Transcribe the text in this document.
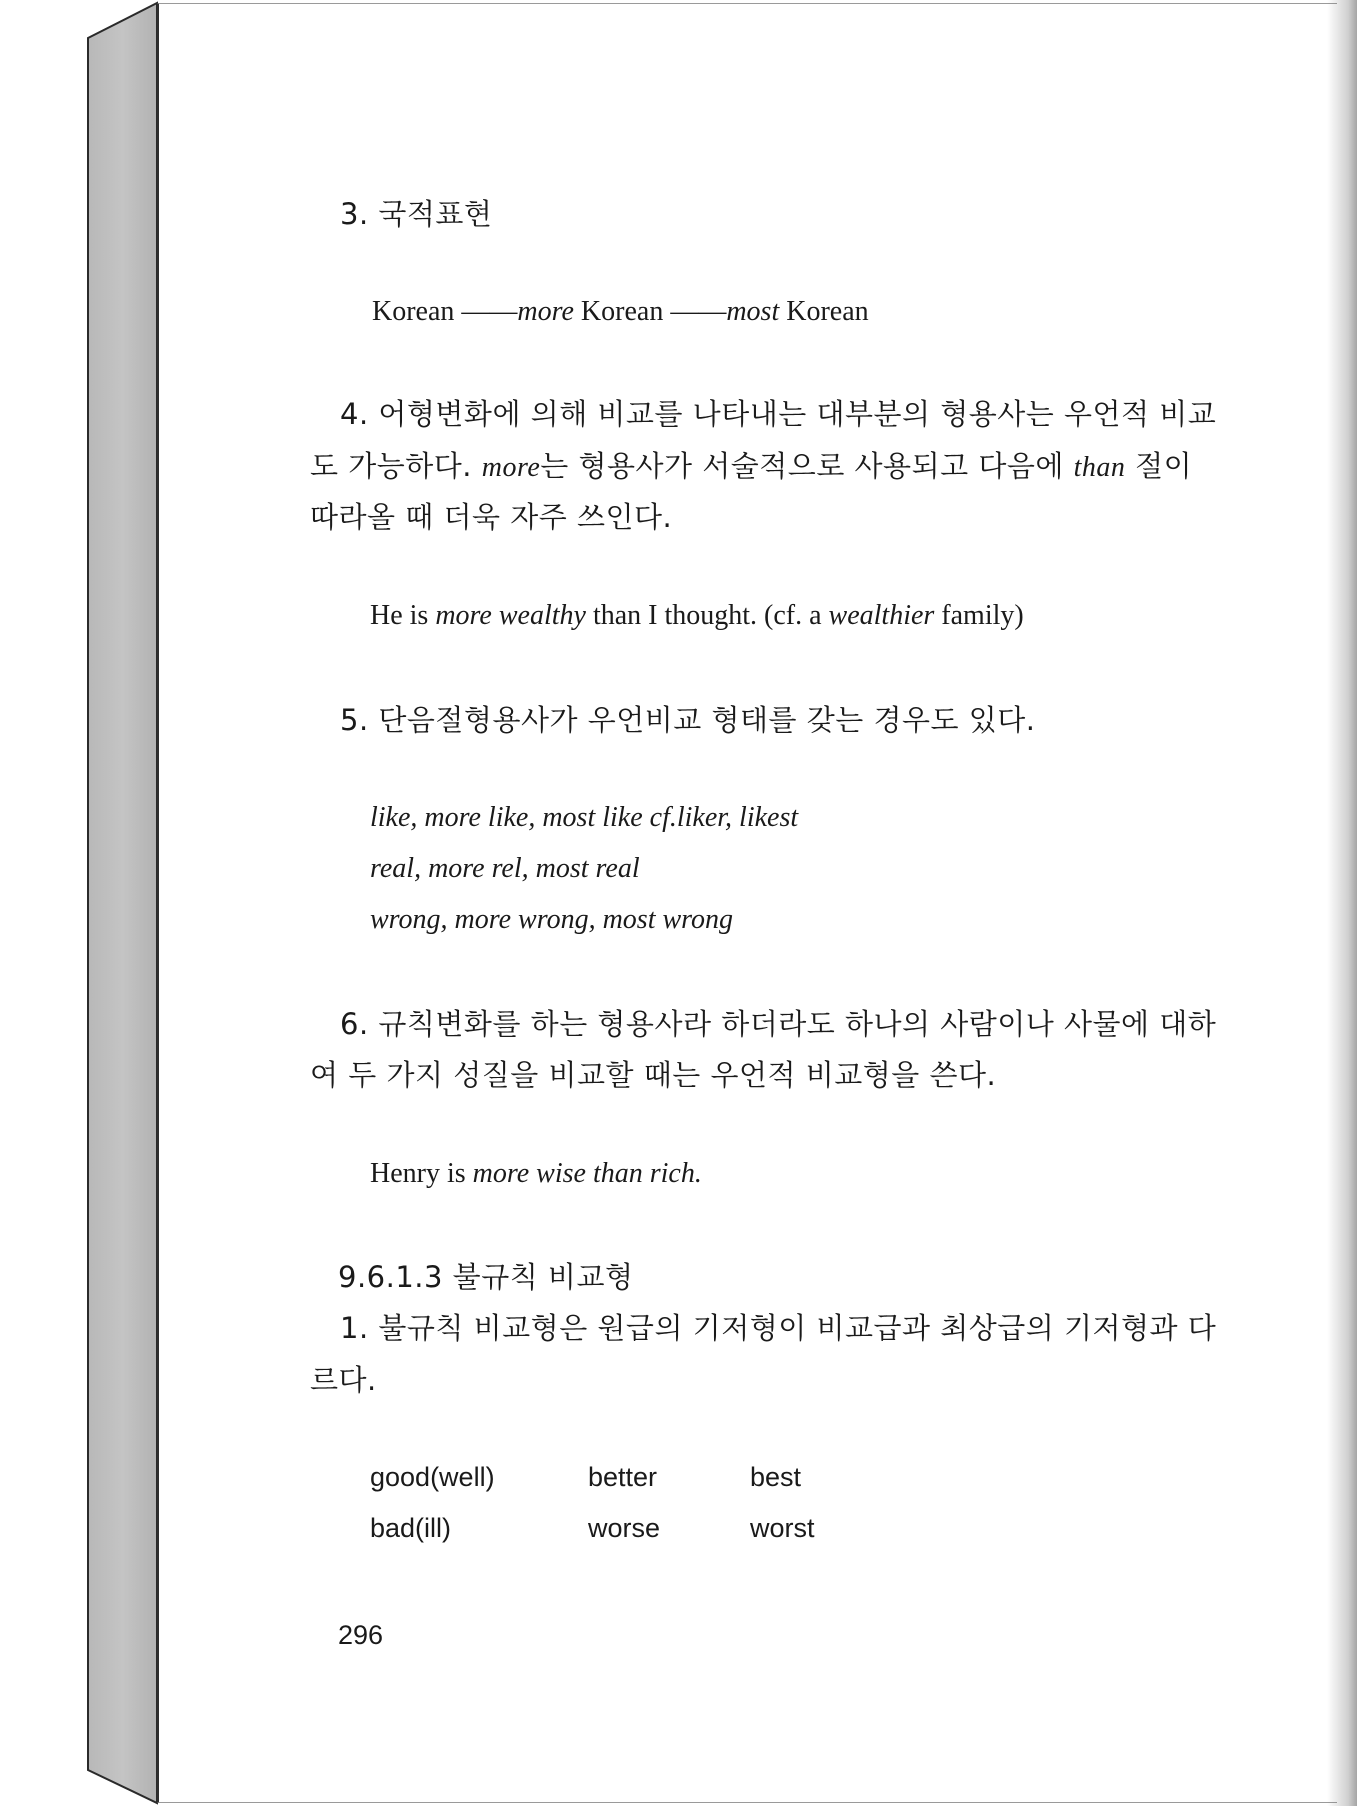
3. 국적표현
Korean ——more Korean ——most Korean
4. 어형변화에 의해 비교를 나타내는 대부분의 형용사는 우언적 비교
도 가능하다. more는 형용사가 서술적으로 사용되고 다음에 than 절이
따라올 때 더욱 자주 쓰인다.
He is more wealthy than I thought. (cf. a wealthier family)
5. 단음절형용사가 우언비교 형태를 갖는 경우도 있다.
like, more like, most like cf.liker, likest
real, more rel, most real
wrong, more wrong, most wrong
6. 규칙변화를 하는 형용사라 하더라도 하나의 사람이나 사물에 대하
여 두 가지 성질을 비교할 때는 우언적 비교형을 쓴다.
Henry is more wise than rich.
9.6.1.3 불규칙 비교형
1. 불규칙 비교형은 원급의 기저형이 비교급과 최상급의 기저형과 다
르다.
good(well)	better	best
bad(ill)	worse	worst
296
